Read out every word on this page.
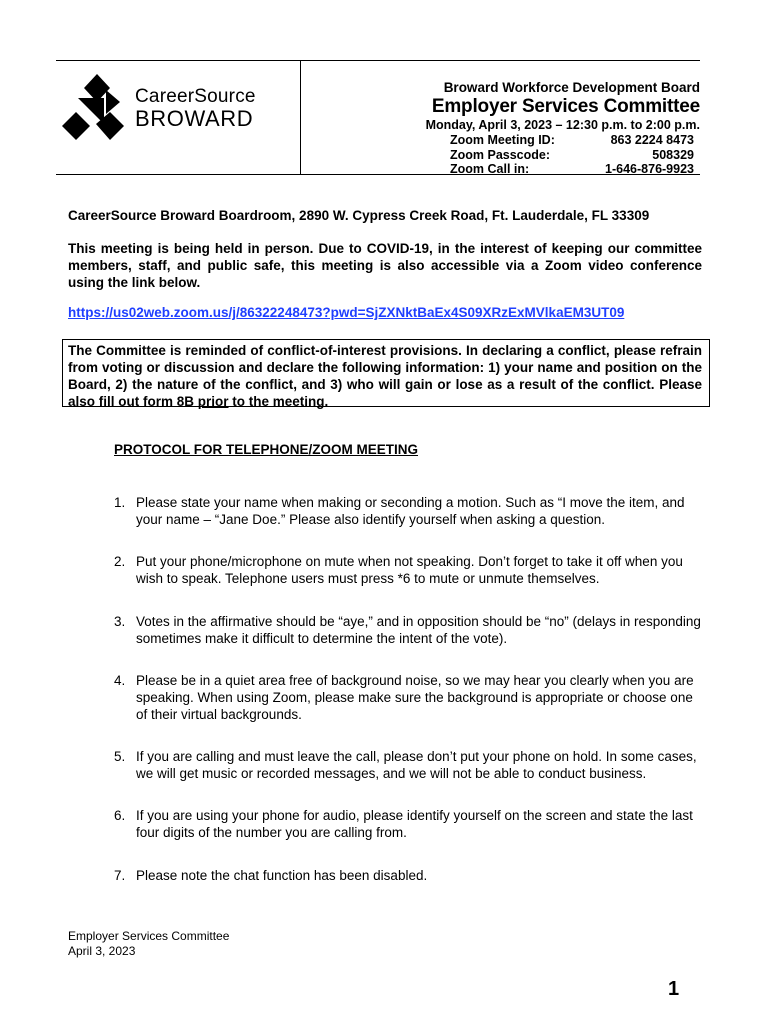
CareerSource
BROWARD
Broward Workforce Development Board
Employer Services Committee
Monday, April 3, 2023 – 12:30 p.m. to 2:00 p.m.
Zoom Meeting ID:	863 2224 8473
Zoom Passcode:	508329
Zoom Call in:	1-646-876-9923
CareerSource Broward Boardroom, 2890 W. Cypress Creek Road, Ft. Lauderdale, FL 33309
This meeting is being held in person. Due to COVID-19, in the interest of keeping our committee members, staff, and public safe, this meeting is also accessible via a Zoom video conference using the link below.
https://us02web.zoom.us/j/86322248473?pwd=SjZXNktBaEx4S09XRzExMVlkaEM3UT09
The Committee is reminded of conflict-of-interest provisions. In declaring a conflict, please refrain from voting or discussion and declare the following information: 1) your name and position on the Board, 2) the nature of the conflict, and 3) who will gain or lose as a result of the conflict. Please also fill out form 8B prior to the meeting.
PROTOCOL FOR TELEPHONE/ZOOM MEETING
1. Please state your name when making or seconding a motion. Such as “I move the item, and your name – “Jane Doe.” Please also identify yourself when asking a question.
2. Put your phone/microphone on mute when not speaking. Don’t forget to take it off when you wish to speak. Telephone users must press *6 to mute or unmute themselves.
3. Votes in the affirmative should be “aye,” and in opposition should be “no” (delays in responding sometimes make it difficult to determine the intent of the vote).
4. Please be in a quiet area free of background noise, so we may hear you clearly when you are speaking. When using Zoom, please make sure the background is appropriate or choose one of their virtual backgrounds.
5. If you are calling and must leave the call, please don’t put your phone on hold. In some cases, we will get music or recorded messages, and we will not be able to conduct business.
6. If you are using your phone for audio, please identify yourself on the screen and state the last four digits of the number you are calling from.
7. Please note the chat function has been disabled.
Employer Services Committee
April 3, 2023
1
